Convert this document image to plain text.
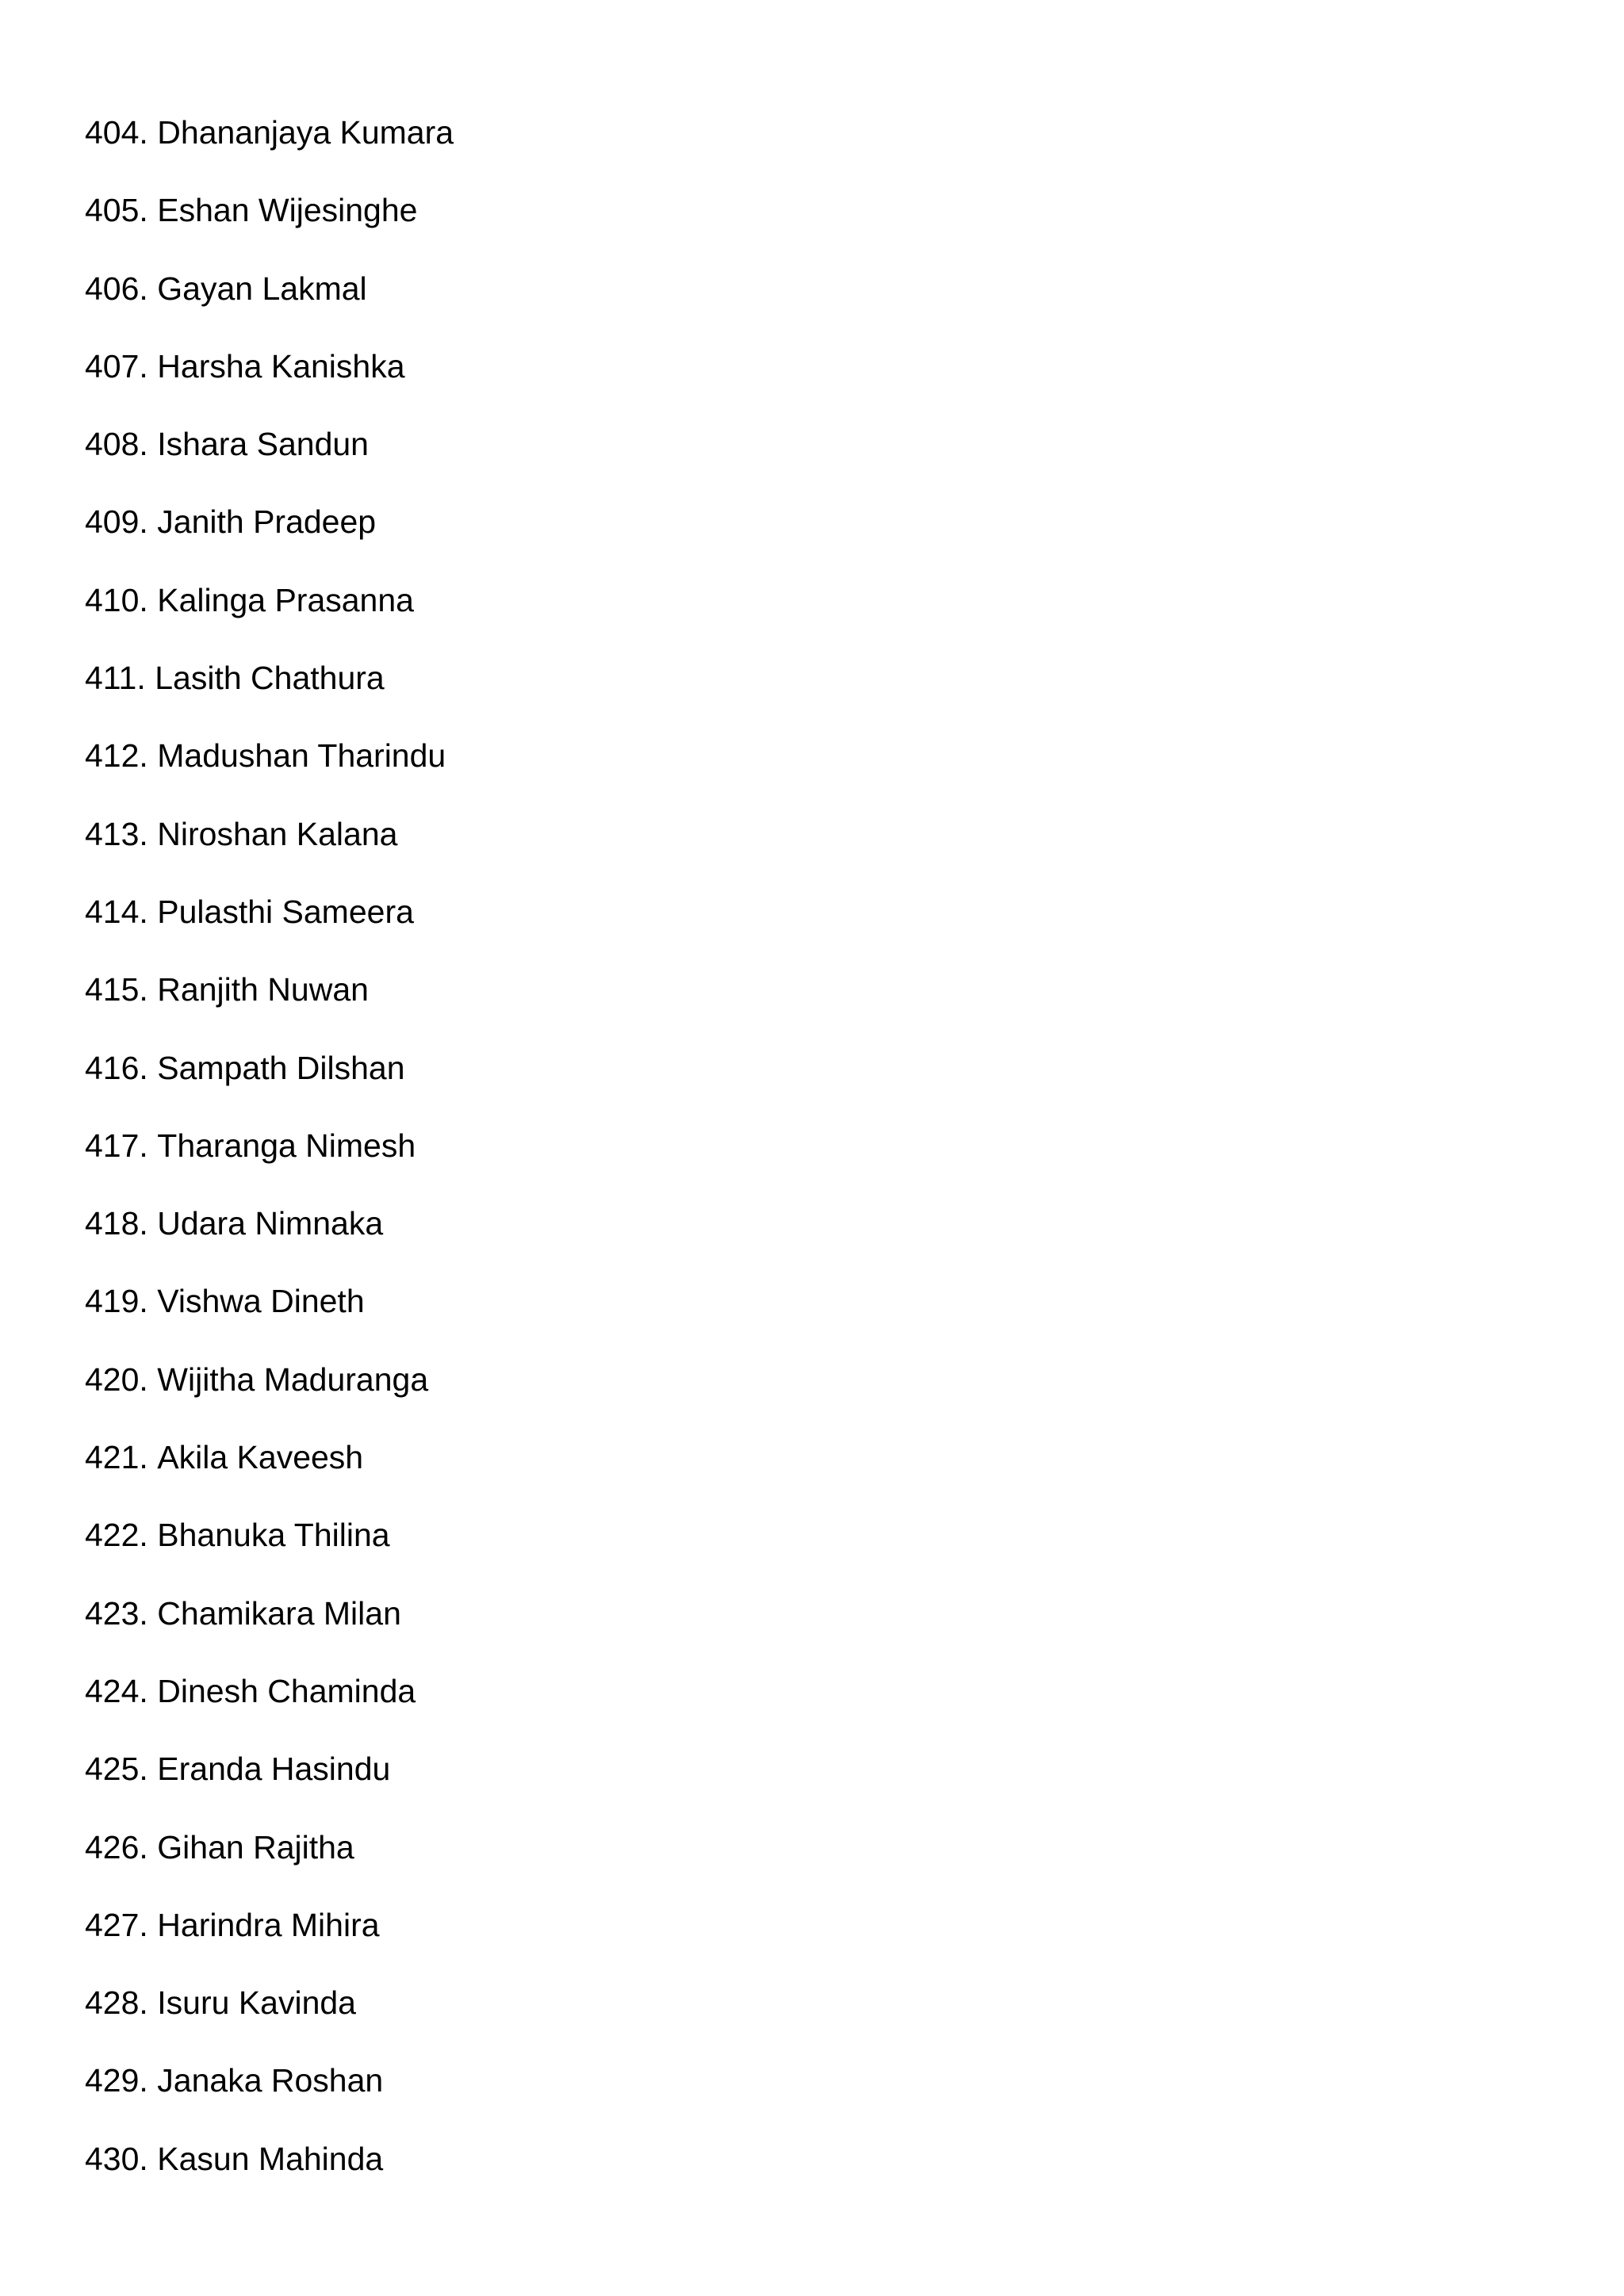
404. Dhananjaya Kumara
405. Eshan Wijesinghe
406. Gayan Lakmal
407. Harsha Kanishka
408. Ishara Sandun
409. Janith Pradeep
410. Kalinga Prasanna
411. Lasith Chathura
412. Madushan Tharindu
413. Niroshan Kalana
414. Pulasthi Sameera
415. Ranjith Nuwan
416. Sampath Dilshan
417. Tharanga Nimesh
418. Udara Nimnaka
419. Vishwa Dineth
420. Wijitha Maduranga
421. Akila Kaveesh
422. Bhanuka Thilina
423. Chamikara Milan
424. Dinesh Chaminda
425. Eranda Hasindu
426. Gihan Rajitha
427. Harindra Mihira
428. Isuru Kavinda
429. Janaka Roshan
430. Kasun Mahinda
